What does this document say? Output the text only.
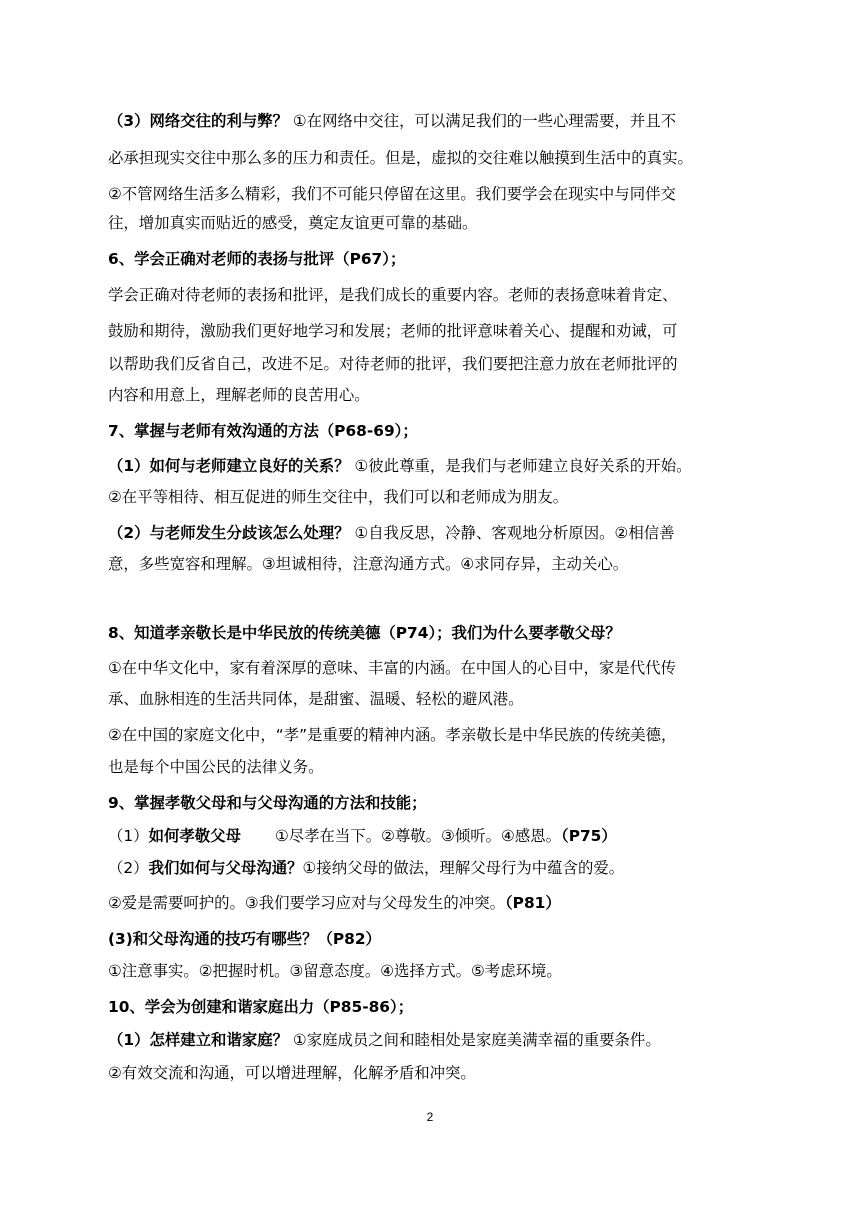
（3）网络交往的利与弊？ ①在网络中交往，可以满足我们的一些心理需要，并且不
必承担现实交往中那么多的压力和责任。但是，虚拟的交往难以触摸到生活中的真实。
②不管网络生活多么精彩，我们不可能只停留在这里。我们要学会在现实中与同伴交
往，增加真实而贴近的感受，奠定友谊更可靠的基础。
6、学会正确对老师的表扬与批评（P67）；
学会正确对待老师的表扬和批评，是我们成长的重要内容。老师的表扬意味着肯定、
鼓励和期待，激励我们更好地学习和发展；老师的批评意味着关心、提醒和劝诫，可
以帮助我们反省自己，改进不足。对待老师的批评，我们要把注意力放在老师批评的
内容和用意上，理解老师的良苦用心。
7、掌握与老师有效沟通的方法（P68-69）；
（1）如何与老师建立良好的关系？ ①彼此尊重，是我们与老师建立良好关系的开始。
②在平等相待、相互促进的师生交往中，我们可以和老师成为朋友。
（2）与老师发生分歧该怎么处理？ ①自我反思，冷静、客观地分析原因。②相信善
意，多些宽容和理解。③坦诚相待，注意沟通方式。④求同存异，主动关心。
8、知道孝亲敬长是中华民放的传统美德（P74）；我们为什么要孝敬父母？
①在中华文化中，家有着深厚的意味、丰富的内涵。在中国人的心目中，家是代代传
承、血脉相连的生活共同体，是甜蜜、温暖、轻松的避风港。
②在中国的家庭文化中，“孝”是重要的精神内涵。孝亲敬长是中华民族的传统美德，
也是每个中国公民的法律义务。
9、掌握孝敬父母和与父母沟通的方法和技能；
（1）如何孝敬父母 ①尽孝在当下。②尊敬。③倾听。④感恩。（P75）
（2）我们如何与父母沟通？①接纳父母的做法，理解父母行为中蕴含的爱。
②爱是需要呵护的。③我们要学习应对与父母发生的冲突。（P81）
(3)和父母沟通的技巧有哪些？（P82）
①注意事实。②把握时机。③留意态度。④选择方式。⑤考虑环境。
10、学会为创建和谐家庭出力（P85-86）；
（1）怎样建立和谐家庭？ ①家庭成员之间和睦相处是家庭美满幸福的重要条件。
②有效交流和沟通，可以增进理解，化解矛盾和冲突。
2
